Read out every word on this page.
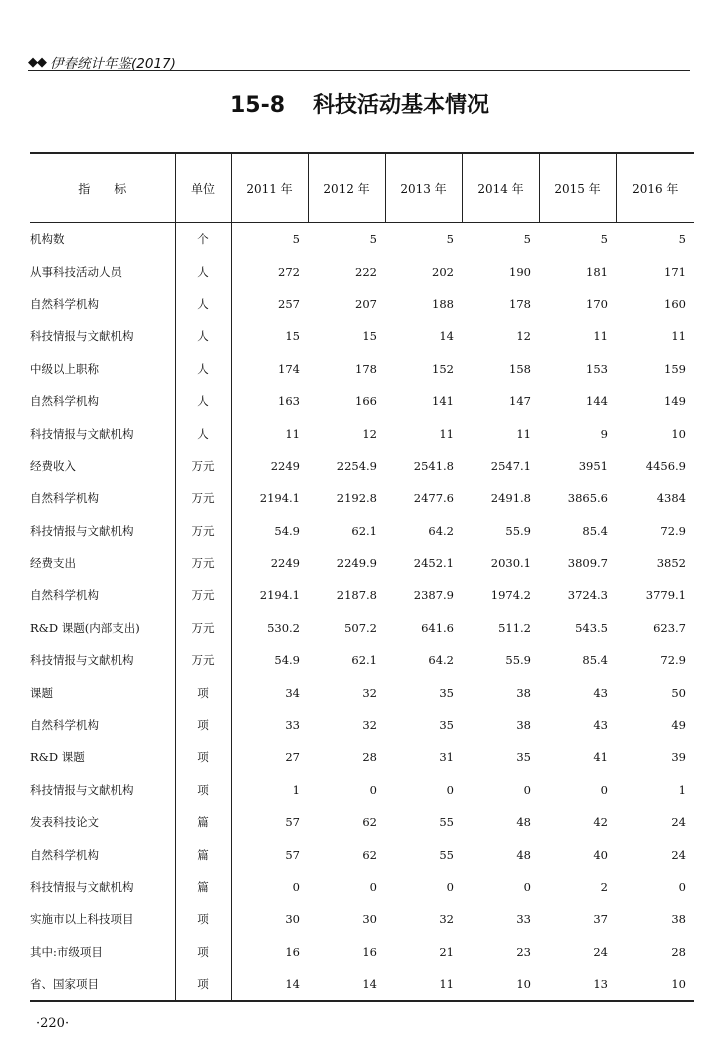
◆◆ 伊春统计年鉴(2017)
15-8 科技活动基本情况
指　　标	单位	2011 年	2012 年	2013 年	2014 年	2015 年	2016 年
机构数	个	5	5	5	5	5	5
从事科技活动人员	人	272	222	202	190	181	171
自然科学机构	人	257	207	188	178	170	160
科技情报与文献机构	人	15	15	14	12	11	11
中级以上职称	人	174	178	152	158	153	159
自然科学机构	人	163	166	141	147	144	149
科技情报与文献机构	人	11	12	11	11	9	10
经费收入	万元	2249	2254.9	2541.8	2547.1	3951	4456.9
自然科学机构	万元	2194.1	2192.8	2477.6	2491.8	3865.6	4384
科技情报与文献机构	万元	54.9	62.1	64.2	55.9	85.4	72.9
经费支出	万元	2249	2249.9	2452.1	2030.1	3809.7	3852
自然科学机构	万元	2194.1	2187.8	2387.9	1974.2	3724.3	3779.1
R&D 课题(内部支出)	万元	530.2	507.2	641.6	511.2	543.5	623.7
科技情报与文献机构	万元	54.9	62.1	64.2	55.9	85.4	72.9
课题	项	34	32	35	38	43	50
自然科学机构	项	33	32	35	38	43	49
R&D 课题	项	27	28	31	35	41	39
科技情报与文献机构	项	1	0	0	0	0	1
发表科技论文	篇	57	62	55	48	42	24
自然科学机构	篇	57	62	55	48	40	24
科技情报与文献机构	篇	0	0	0	0	2	0
实施市以上科技项目	项	30	30	32	33	37	38
其中:市级项目	项	16	16	21	23	24	28
省、国家项目	项	14	14	11	10	13	10
·220·
